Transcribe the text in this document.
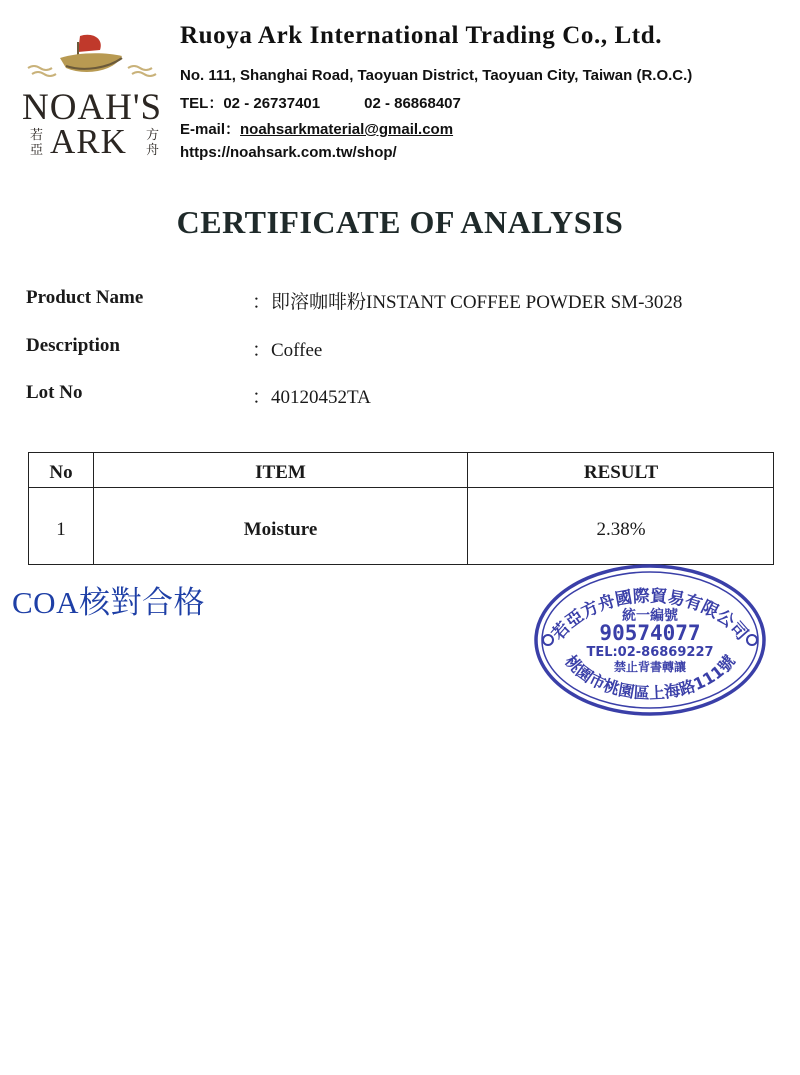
NOAH'S
若亞 ARK 方舟
Ruoya Ark International Trading Co., Ltd.
No. 111, Shanghai Road, Taoyuan District, Taoyuan City, Taiwan (R.O.C.)
TEL：02 - 26737401	02 - 86868407
E-mail：noahsarkmaterial@gmail.com
https://noahsark.com.tw/shop/
CERTIFICATE OF ANALYSIS
Product Name	：即溶咖啡粉INSTANT COFFEE POWDER SM-3028
Description	：Coffee
Lot No	：40120452TA
No	ITEM	RESULT
1	Moisture	2.38%
COA核對合格
若亞方舟國際貿易有限公司
桃園市桃園區上海路111號
統一編號
90574077
TEL:02-86869227
禁止背書轉讓
